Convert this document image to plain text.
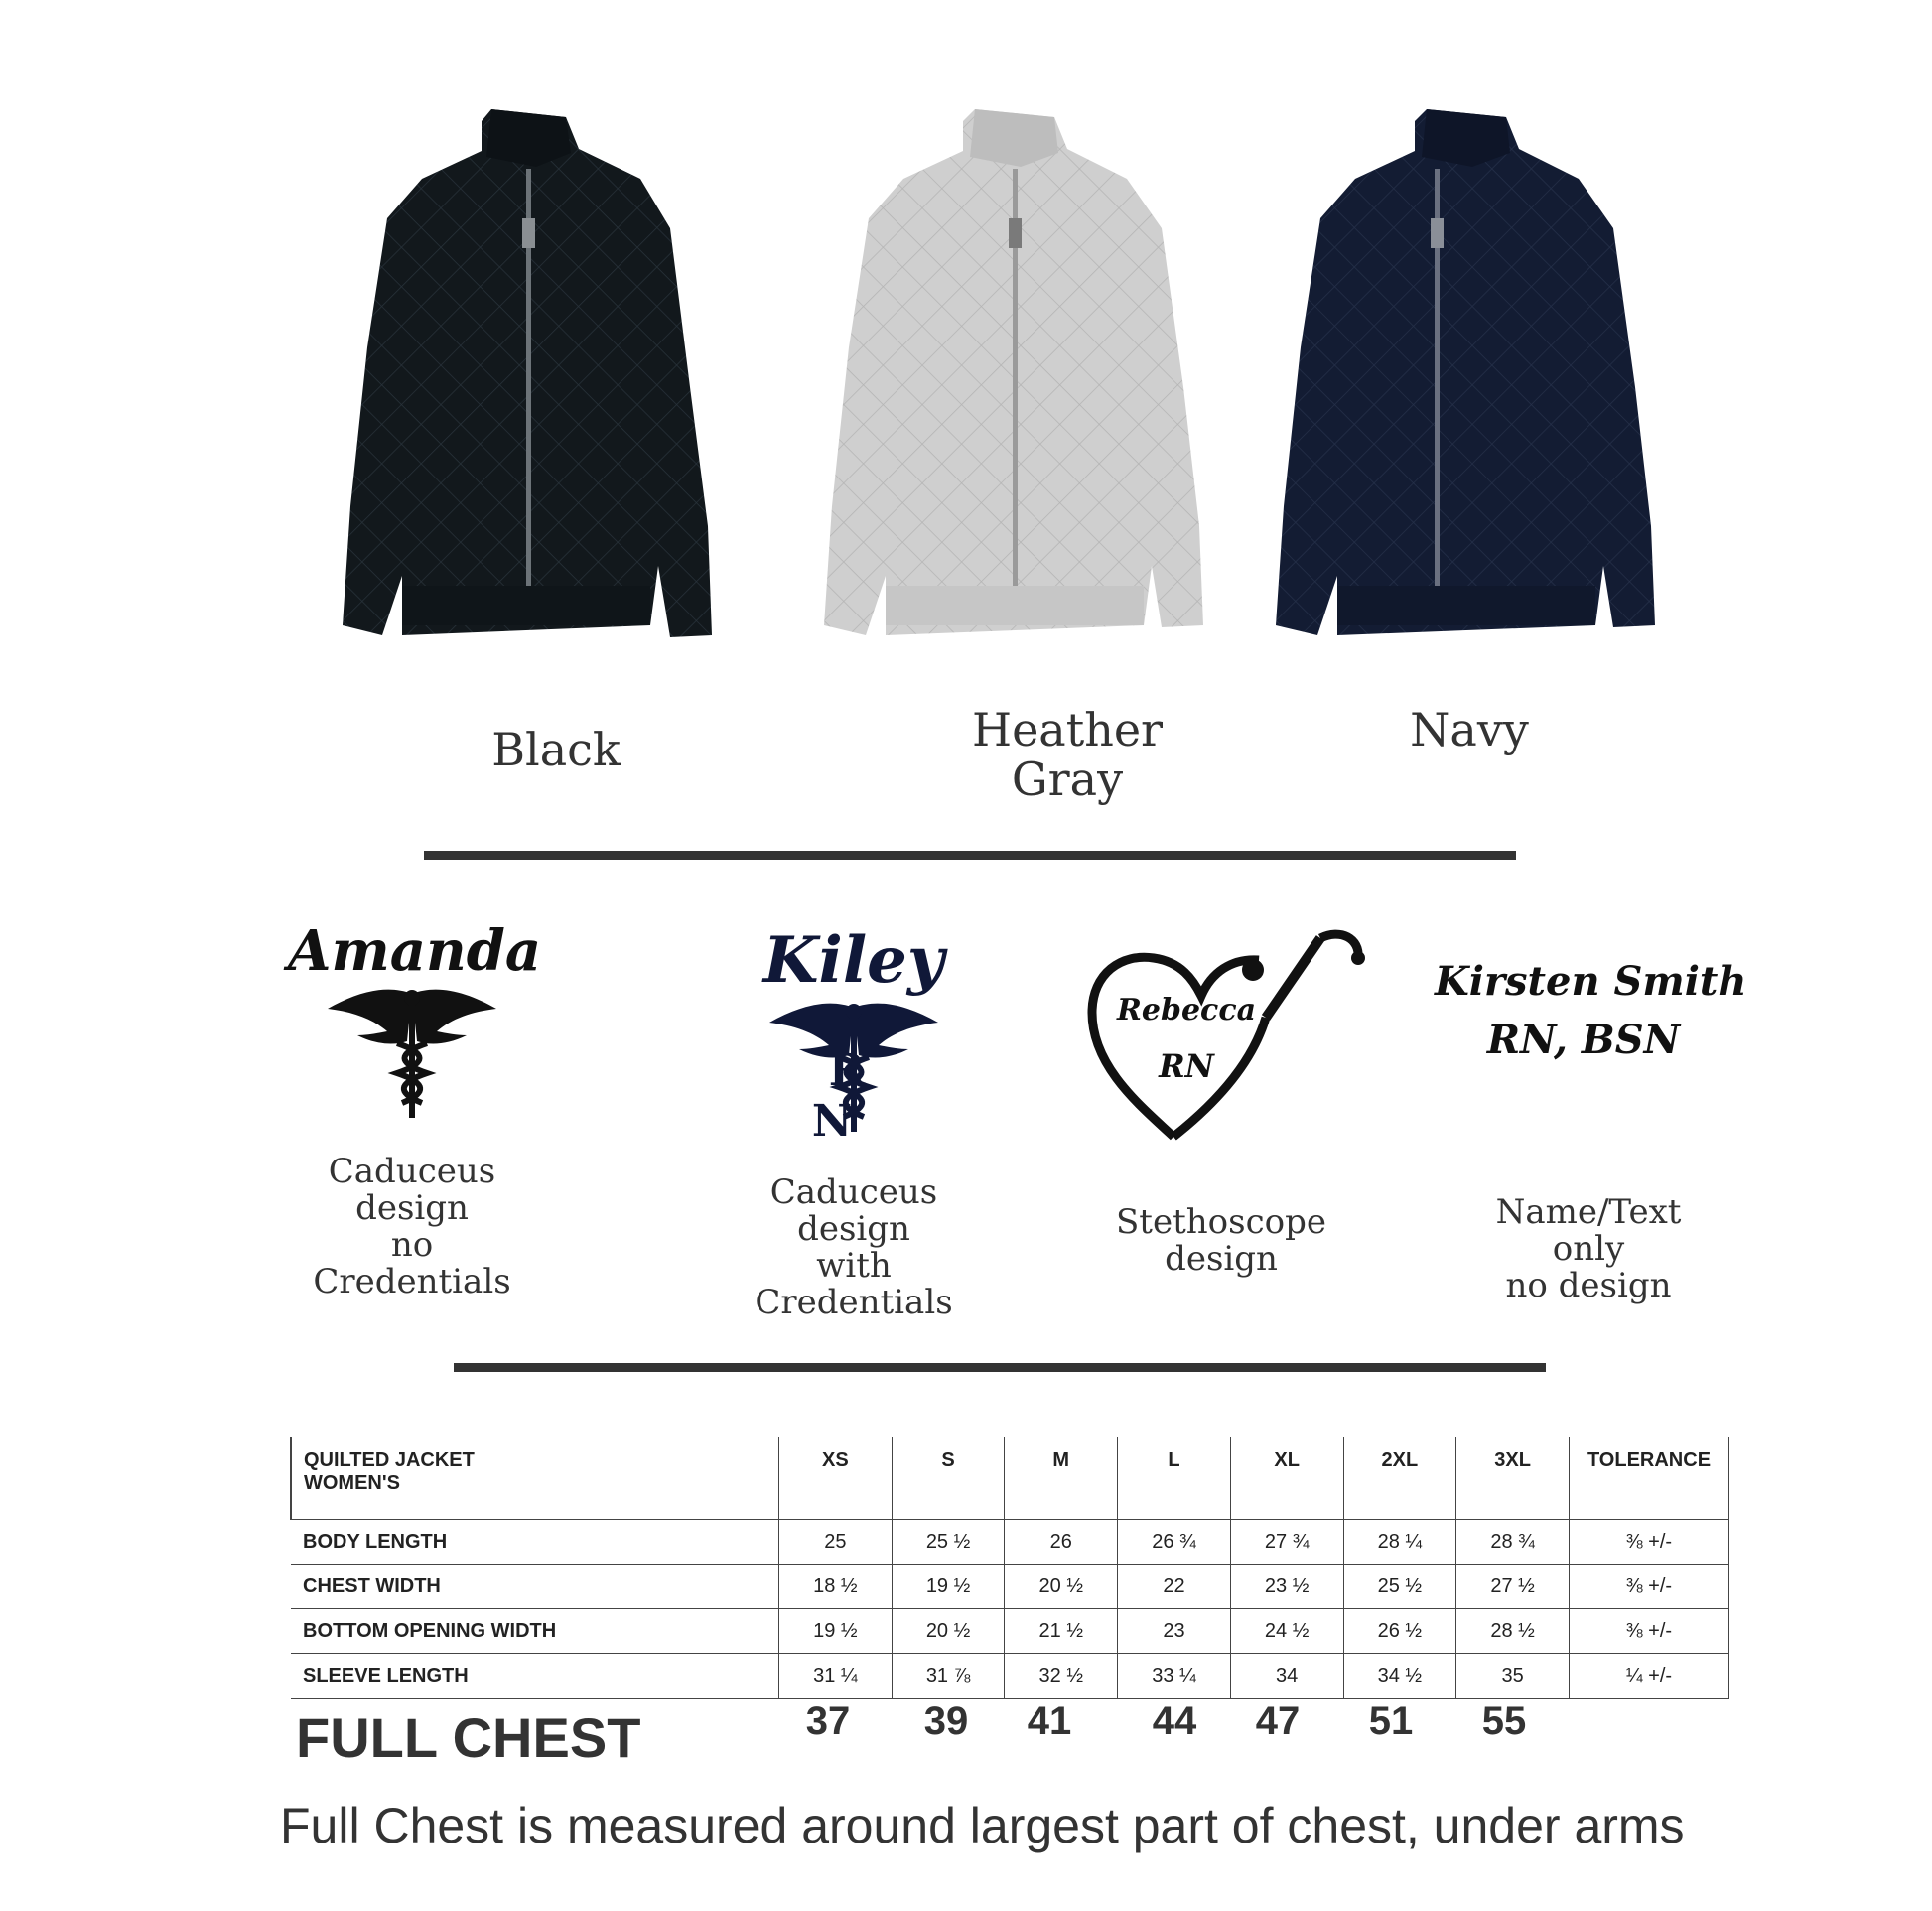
Black	Heather
Gray
Navy
Amanda
Caduceus
design
no
Credentials
Kiley
R N
Caduceus
design
with
Credentials
Rebecca
RN
Stethoscope
design
Kirsten Smith
RN, BSN
Name/Text
only
no design
QUILTED JACKET
WOMEN'S	XS	S	M	L	XL	2XL	3XL	TOLERANCE
BODY LENGTH	25	25 ½	26	26 ¾	27 ¾	28 ¼	28 ¾	⅜ +/-
CHEST WIDTH	18 ½	19 ½	20 ½	22	23 ½	25 ½	27 ½	⅜ +/-
BOTTOM OPENING WIDTH	19 ½	20 ½	21 ½	23	24 ½	26 ½	28 ½	⅜ +/-
SLEEVE LENGTH	31 ¼	31 ⅞	32 ½	33 ¼	34	34 ½	35	¼ +/-
FULL CHEST	37	39	41	44	47	51	55
Full Chest is measured around largest part of chest, under arms
